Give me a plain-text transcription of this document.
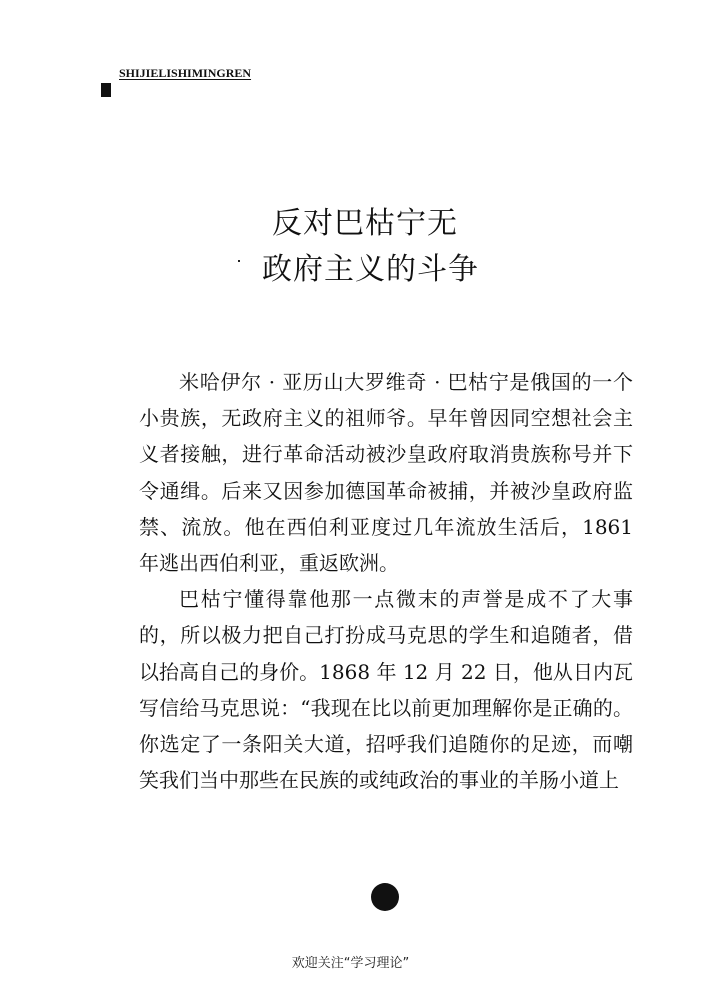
SHIJIELISHIMINGREN
反对巴枯宁无
政府主义的斗争

米哈伊尔 · 亚历山大罗维奇 · 巴枯宁是俄国的一个小贵族，无政府主义的祖师爷。早年曾因同空想社会主义者接触，进行革命活动被沙皇政府取消贵族称号并下令通缉。后来又因参加德国革命被捕，并被沙皇政府监禁、流放。他在西伯利亚度过几年流放生活后，1861 年逃出西伯利亚，重返欧洲。

巴枯宁懂得靠他那一点微末的声誉是成不了大事的，所以极力把自己打扮成马克思的学生和追随者，借以抬高自己的身价。1868 年 12 月 22 日，他从日内瓦写信给马克思说：“我现在比以前更加理解你是正确的。你选定了一条阳关大道，招呼我们追随你的足迹，而嘲笑我们当中那些在民族的或纯政治的事业的羊肠小道上

欢迎关注“学习理论”
